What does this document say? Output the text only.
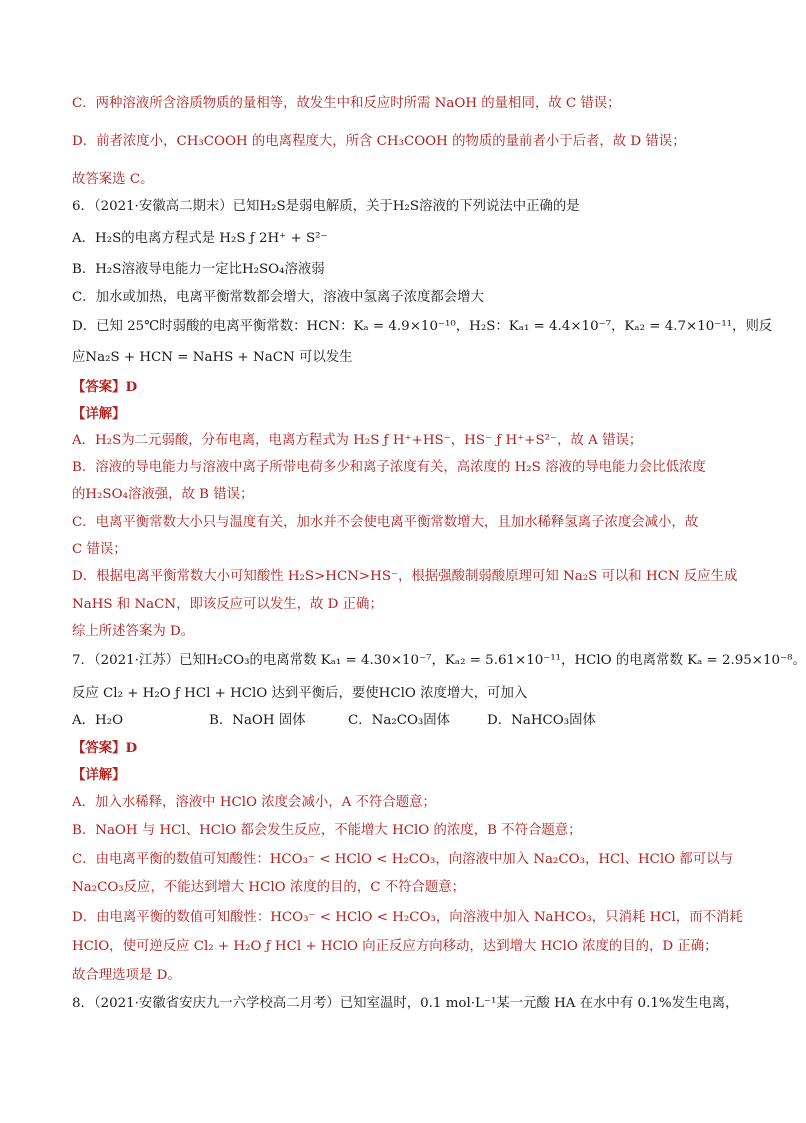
C．两种溶液所含溶质物质的量相等，故发生中和反应时所需 NaOH 的量相同，故 C 错误；
D．前者浓度小，CH₃COOH 的电离程度大，所含 CH₃COOH 的物质的量前者小于后者，故 D 错误；
故答案选 C。
6．（2021·安徽高二期末）已知H₂S是弱电解质，关于H₂S溶液的下列说法中正确的是
A．H₂S的电离方程式是 H₂S ƒ 2H⁺ + S²⁻
B．H₂S溶液导电能力一定比H₂SO₄溶液弱
C．加水或加热，电离平衡常数都会增大，溶液中氢离子浓度都会增大
D．已知 25℃时弱酸的电离平衡常数：HCN：Kₐ = 4.9×10⁻¹⁰，H₂S：Kₐ₁ = 4.4×10⁻⁷，Kₐ₂ = 4.7×10⁻¹¹，则反
应Na₂S + HCN = NaHS + NaCN 可以发生
【答案】D
【详解】
A．H₂S为二元弱酸，分布电离，电离方程式为 H₂S ƒ H⁺+HS⁻，HS⁻ ƒ H⁺+S²⁻，故 A 错误；
B．溶液的导电能力与溶液中离子所带电荷多少和离子浓度有关，高浓度的 H₂S 溶液的导电能力会比低浓度
的H₂SO₄溶液强，故 B 错误；
C．电离平衡常数大小只与温度有关，加水并不会使电离平衡常数增大，且加水稀释氢离子浓度会减小，故
C 错误；
D．根据电离平衡常数大小可知酸性 H₂S>HCN>HS⁻，根据强酸制弱酸原理可知 Na₂S 可以和 HCN 反应生成
NaHS 和 NaCN，即该反应可以发生，故 D 正确；
综上所述答案为 D。
7．（2021·江苏）已知H₂CO₃的电离常数 Kₐ₁ = 4.30×10⁻⁷，Kₐ₂ = 5.61×10⁻¹¹，HClO 的电离常数 Kₐ = 2.95×10⁻⁸。
反应 Cl₂ + H₂O ƒ HCl + HClO 达到平衡后，要使HClO 浓度增大，可加入
A．H₂O	B．NaOH 固体	C．Na₂CO₃固体	D．NaHCO₃固体
【答案】D
【详解】
A．加入水稀释，溶液中 HClO 浓度会减小，A 不符合题意；
B．NaOH 与 HCl、HClO 都会发生反应，不能增大 HClO 的浓度，B 不符合题意；
C．由电离平衡的数值可知酸性：HCO₃⁻ < HClO < H₂CO₃，向溶液中加入 Na₂CO₃，HCl、HClO 都可以与
Na₂CO₃反应，不能达到增大 HClO 浓度的目的，C 不符合题意；
D．由电离平衡的数值可知酸性：HCO₃⁻ < HClO < H₂CO₃，向溶液中加入 NaHCO₃，只消耗 HCl，而不消耗
HClO，使可逆反应 Cl₂ + H₂O ƒ HCl + HClO 向正反应方向移动，达到增大 HClO 浓度的目的，D 正确；
故合理选项是 D。
8．（2021·安徽省安庆九一六学校高二月考）已知室温时，0.1 mol·L⁻¹某一元酸 HA 在水中有 0.1%发生电离，
